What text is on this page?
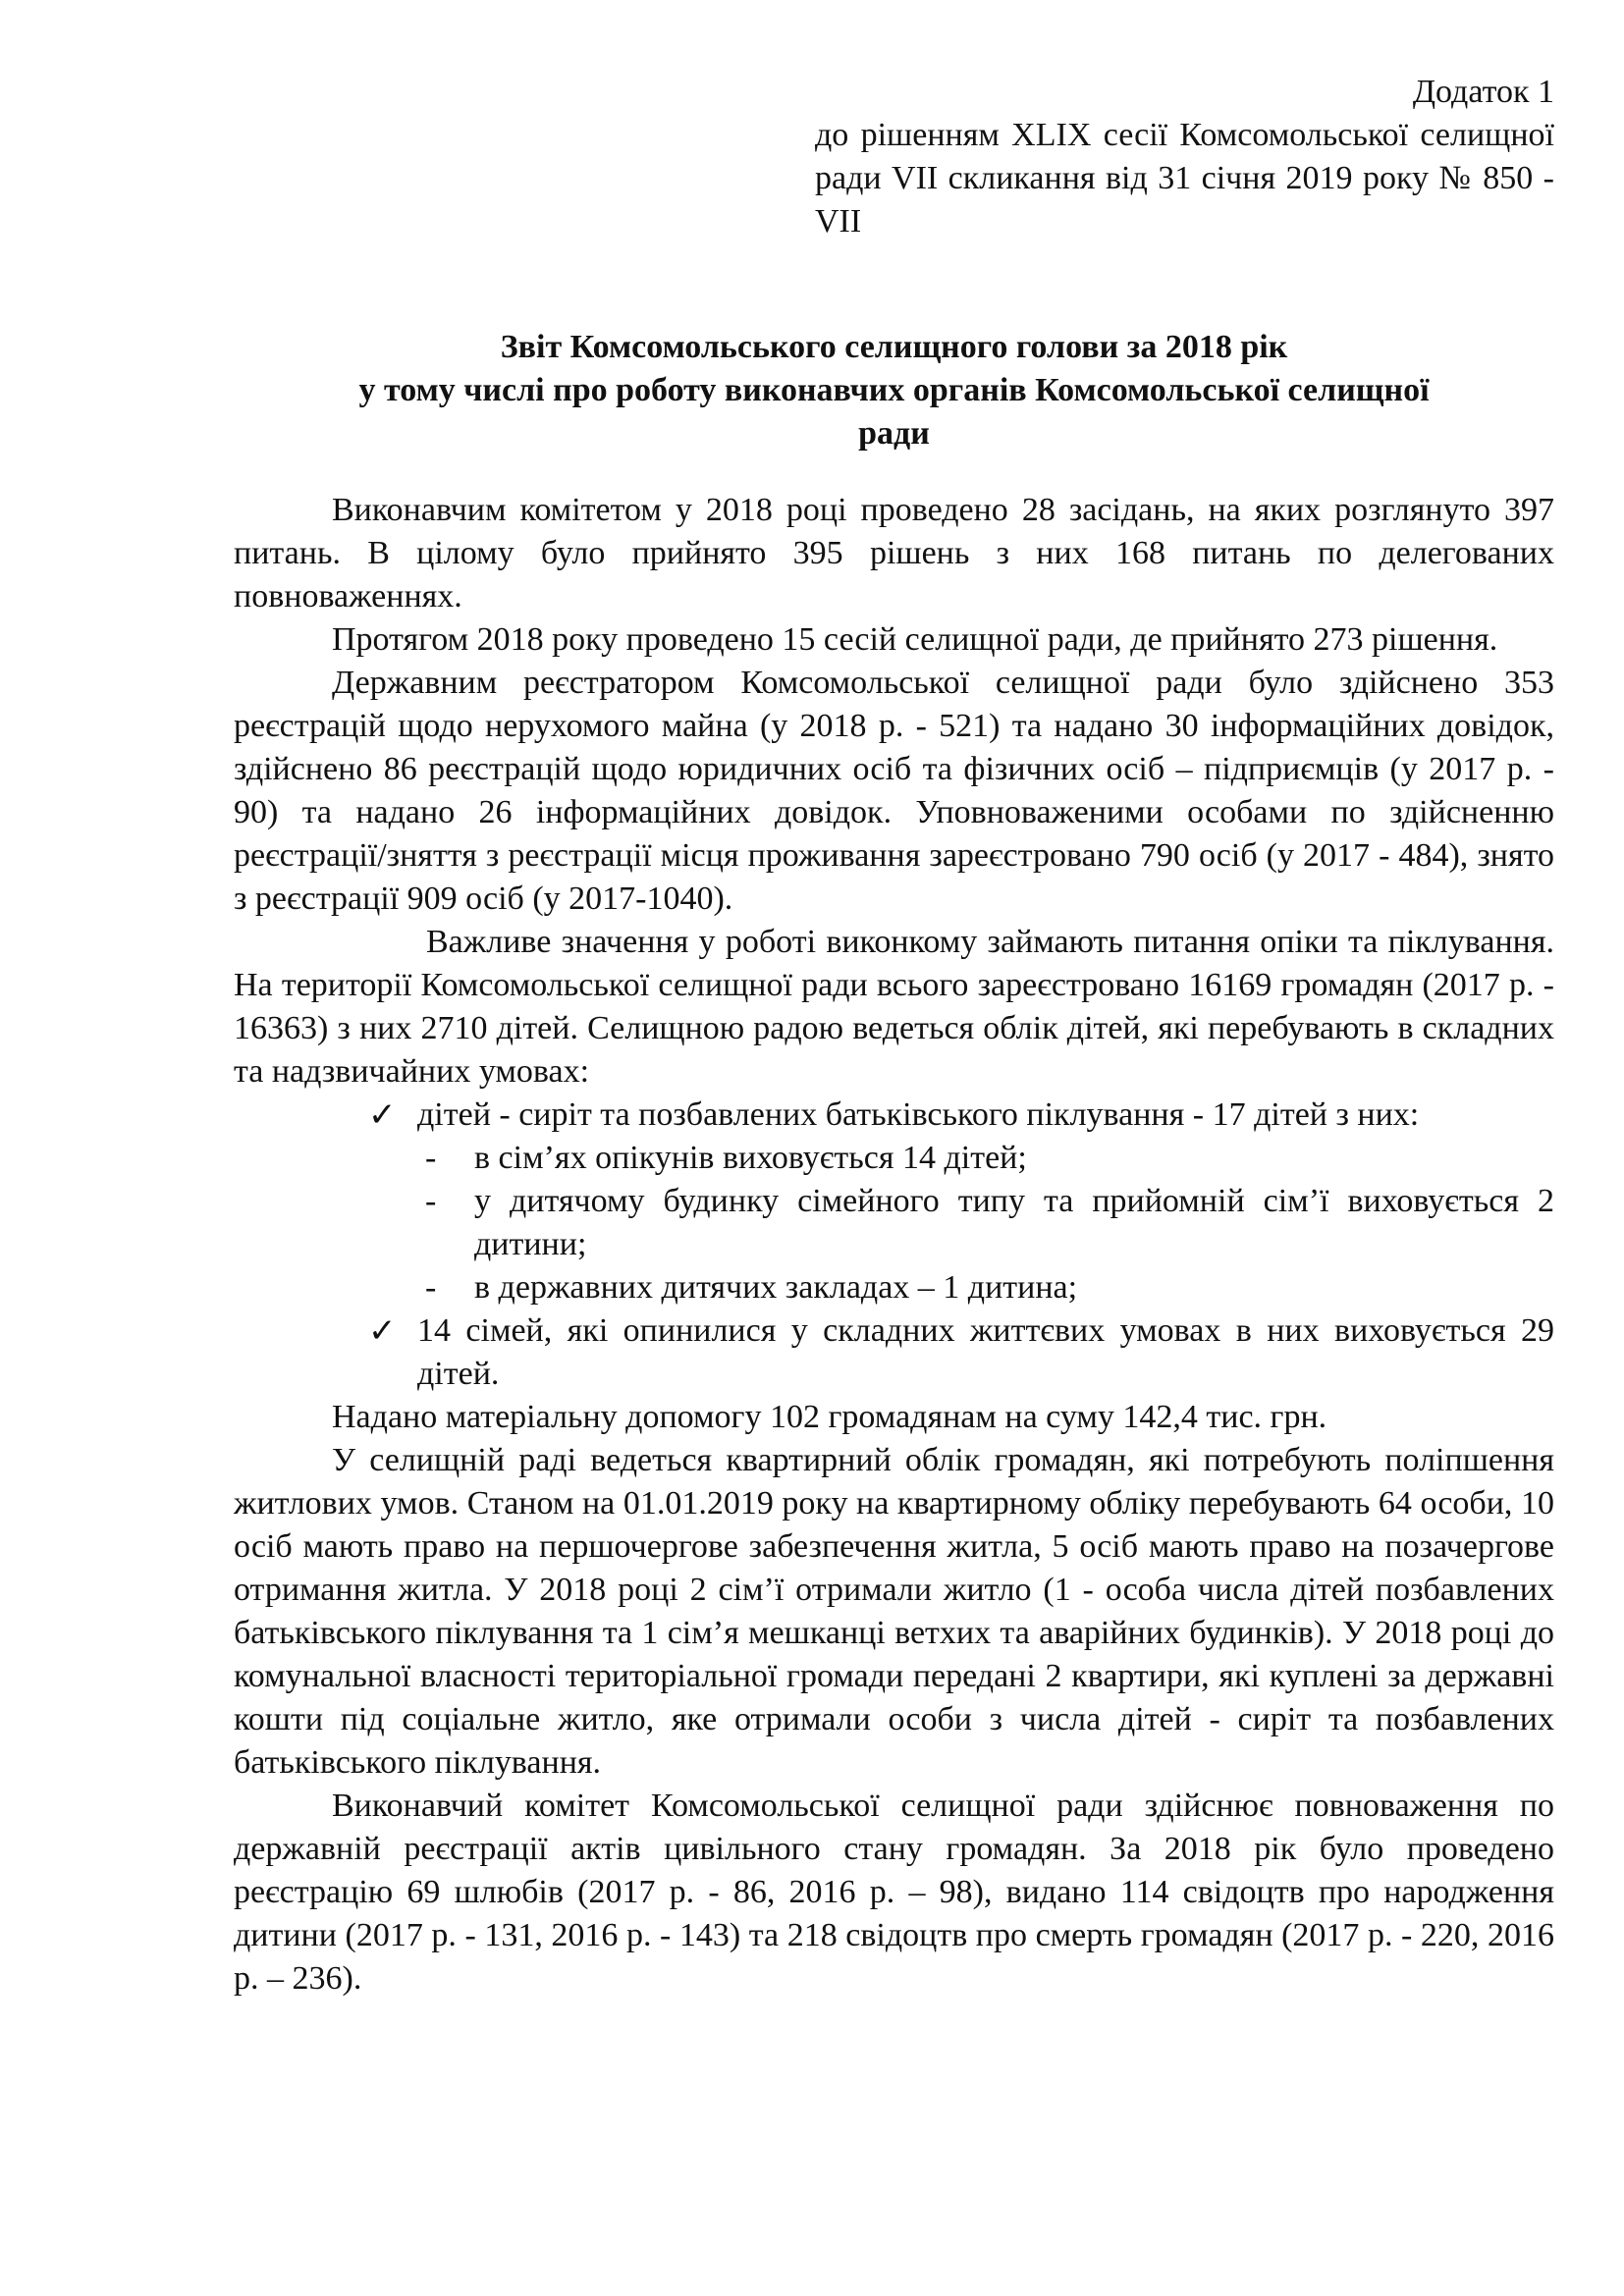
Додаток 1
до рішенням XLIX сесії Комсомольської селищної ради VII скликання від 31 січня 2019 року № 850 -VII
Звіт Комсомольського селищного голови за 2018 рік
у тому числі про роботу виконавчих органів Комсомольської селищної
ради

Виконавчим комітетом у 2018 році проведено 28 засідань, на яких розглянуто 397 питань. В цілому було прийнято 395 рішень з них 168 питань по делегованих повноваженнях.

Протягом 2018 року проведено 15 сесій селищної ради, де прийнято 273 рішення.

Державним реєстратором Комсомольської селищної ради було здійснено 353 реєстрацій щодо нерухомого майна (у 2018 р. - 521) та надано 30 інформаційних довідок, здійснено 86 реєстрацій щодо юридичних осіб та фізичних осіб – підприємців (у 2017 р. - 90) та надано 26 інформаційних довідок. Уповноваженими особами по здійсненню реєстрації/зняття з реєстрації місця проживання зареєстровано 790 осіб (у 2017 - 484), знято з реєстрації 909 осіб (у 2017-1040).

Важливе значення у роботі виконкому займають питання опіки та піклування. На території Комсомольської селищної ради всього зареєстровано 16169 громадян (2017 р. - 16363) з них 2710 дітей. Селищною радою ведеться облік дітей, які перебувають в складних та надзвичайних умовах:

✓ дітей - сиріт та позбавлених батьківського піклування - 17 дітей з них:
- в сім’ях опікунів виховується 14 дітей;
- у дитячому будинку сімейного типу та прийомній сім’ї виховується 2 дитини;
- в державних дитячих закладах – 1 дитина;
✓ 14 сімей, які опинилися у складних життєвих умовах в них виховується 29 дітей.

Надано матеріальну допомогу 102 громадянам на суму 142,4 тис. грн.

У селищній раді ведеться квартирний облік громадян, які потребують поліпшення житлових умов. Станом на 01.01.2019 року на квартирному обліку перебувають 64 особи, 10 осіб мають право на першочергове забезпечення житла, 5 осіб мають право на позачергове отримання житла. У 2018 році 2 сім’ї отримали житло (1 - особа числа дітей позбавлених батьківського піклування та 1 сім’я мешканці ветхих та аварійних будинків). У 2018 році до комунальної власності територіальної громади передані 2 квартири, які куплені за державні кошти під соціальне житло, яке отримали особи з числа дітей - сиріт та позбавлених батьківського піклування.

Виконавчий комітет Комсомольської селищної ради здійснює повноваження по державній реєстрації актів цивільного стану громадян. За 2018 рік було проведено реєстрацію 69 шлюбів (2017 р. - 86, 2016 р. – 98), видано 114 свідоцтв про народження дитини (2017 р. - 131, 2016 р. - 143) та 218 свідоцтв про смерть громадян (2017 р. - 220, 2016 р. – 236).
